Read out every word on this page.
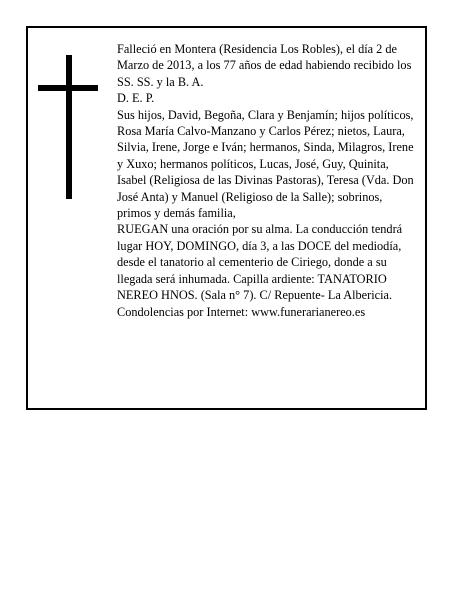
Falleció en Montera (Residencia Los Robles), el día 2 de Marzo de 2013, a los 77 años de edad habiendo recibido los SS. SS. y la B. A.

D. E. P.

Sus hijos, David, Begoña, Clara y Benjamín; hijos políticos, Rosa María Calvo-Manzano y Carlos Pérez; nietos, Laura, Silvia, Irene, Jorge e Iván; hermanos, Sinda, Milagros, Irene y Xuxo; hermanos políticos, Lucas, José, Guy, Quinita, Isabel (Religiosa de las Divinas Pastoras), Teresa (Vda. Don José Anta) y Manuel (Religioso de la Salle); sobrinos, primos y demás familia,

RUEGAN una oración por su alma. La conducción tendrá lugar HOY, DOMINGO, día 3, a las DOCE del mediodía, desde el tanatorio al cementerio de Ciriego, donde a su llegada será inhumada. Capilla ardiente: TANATORIO NEREO HNOS. (Sala n° 7). C/ Repuente- La Albericia.

Condolencias por Internet: www.funerarianereo.es
